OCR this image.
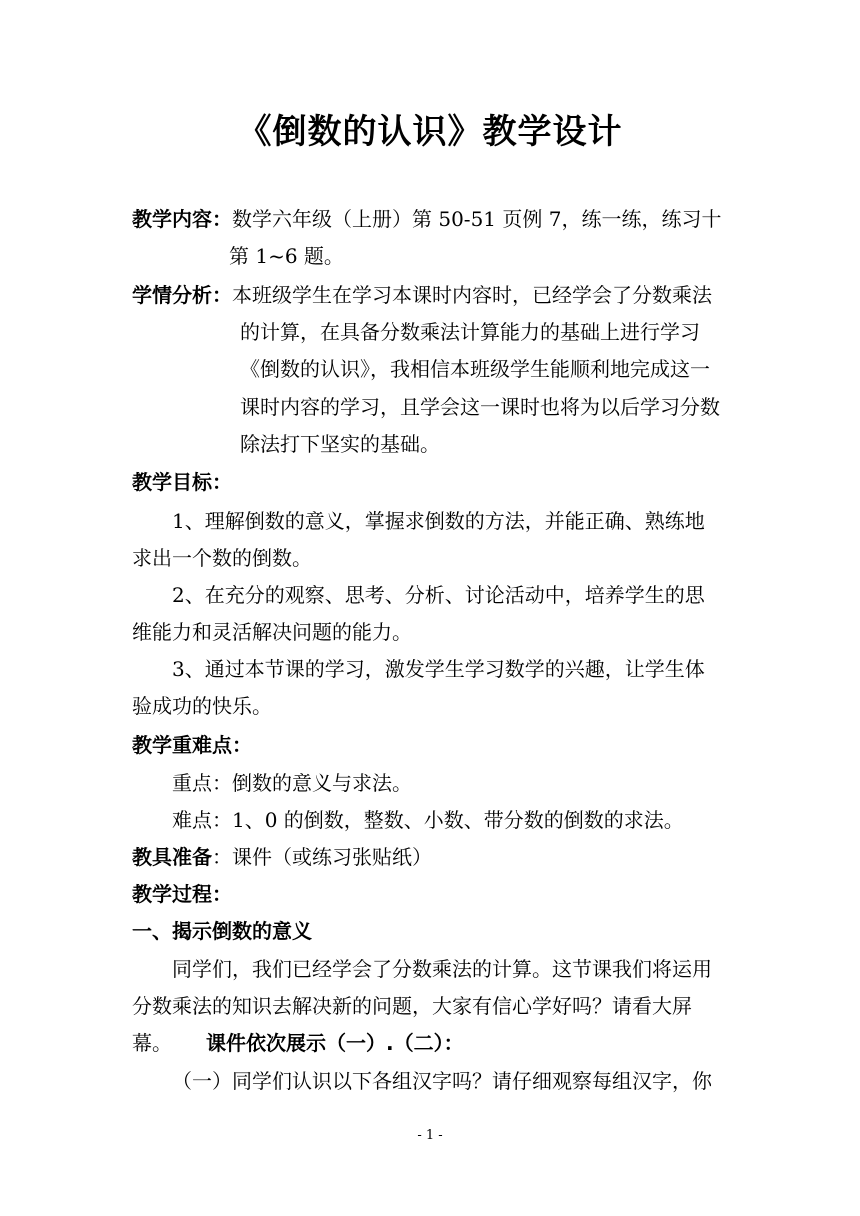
《倒数的认识》教学设计
教学内容：数学六年级（上册）第 50-51 页例 7，练一练，练习十
第 1~6 题。
学情分析：本班级学生在学习本课时内容时，已经学会了分数乘法
的计算，在具备分数乘法计算能力的基础上进行学习
《倒数的认识》，我相信本班级学生能顺利地完成这一
课时内容的学习，且学会这一课时也将为以后学习分数
除法打下坚实的基础。
教学目标：
1、理解倒数的意义，掌握求倒数的方法，并能正确、熟练地
求出一个数的倒数。
2、在充分的观察、思考、分析、讨论活动中，培养学生的思
维能力和灵活解决问题的能力。
3、通过本节课的学习，激发学生学习数学的兴趣，让学生体
验成功的快乐。
教学重难点：
重点：倒数的意义与求法。
难点：1、0 的倒数，整数、小数、带分数的倒数的求法。
教具准备：课件（或练习张贴纸）
教学过程：
一、揭示倒数的意义
同学们，我们已经学会了分数乘法的计算。这节课我们将运用
分数乘法的知识去解决新的问题，大家有信心学好吗？请看大屏
幕。 课件依次展示（一）.（二）：
（一）同学们认识以下各组汉字吗？请仔细观察每组汉字，你
- 1 -
